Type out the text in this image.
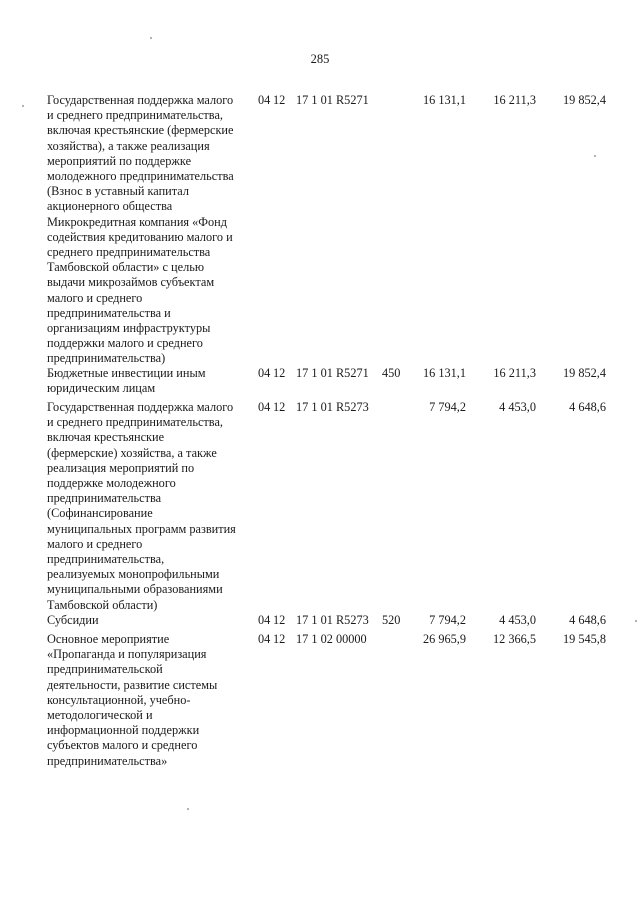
285
Государственная поддержка малого
и среднего предпринимательства,
включая крестьянские (фермерские
хозяйства), а также реализация
мероприятий по поддержке
молодежного предпринимательства
(Взнос в уставный капитал
акционерного общества
Микрокредитная компания «Фонд
содействия кредитованию малого и
среднего предпринимательства
Тамбовской области» с целью
выдачи микрозаймов субъектам
малого и среднего
предпринимательства и
организациям инфраструктуры
поддержки малого и среднего
предпринимательства)
04 12 17 1 01 R5271	16 131,1	16 211,3	19 852,4
Бюджетные инвестиции иным
юридическим лицам
04 12 17 1 01 R5271 450	16 131,1	16 211,3	19 852,4
Государственная поддержка малого
и среднего предпринимательства,
включая крестьянские
(фермерские) хозяйства, а также
реализация мероприятий по
поддержке молодежного
предпринимательства
(Софинансирование
муниципальных программ развития
малого и среднего
предпринимательства,
реализуемых монопрофильными
муниципальными образованиями
Тамбовской области)
04 12 17 1 01 R5273	7 794,2	4 453,0	4 648,6
Субсидии	04 12 17 1 01 R5273 520	7 794,2	4 453,0	4 648,6
Основное мероприятие
«Пропаганда и популяризация
предпринимательской
деятельности, развитие системы
консультационной, учебно-
методологической и
информационной поддержки
субъектов малого и среднего
предпринимательства»
04 12 17 1 02 00000	26 965,9	12 366,5	19 545,8
